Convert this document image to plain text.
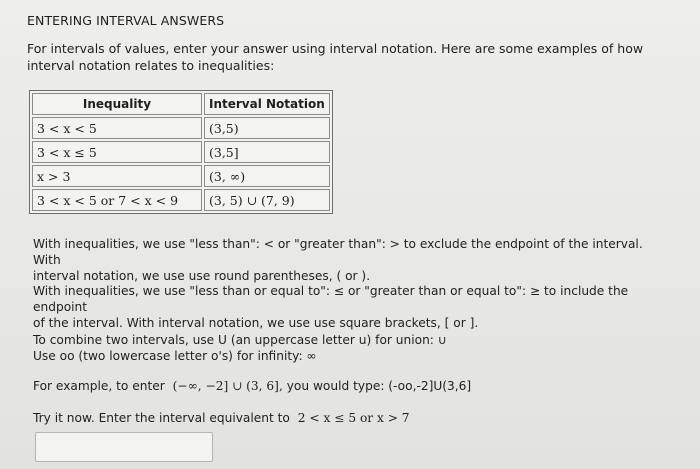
ENTERING INTERVAL ANSWERS
For intervals of values, enter your answer using interval notation. Here are some examples of how interval notation relates to inequalities:
Inequality	Interval Notation
3 < x < 5	(3,5)
3 < x ≤ 5	(3,5]
x > 3	(3, ∞)
3 < x < 5 or 7 < x < 9	(3, 5) ∪ (7, 9)
With inequalities, we use "less than": < or "greater than": > to exclude the endpoint of the interval. With
interval notation, we use use round parentheses, ( or ).
With inequalities, we use "less than or equal to": ≤ or "greater than or equal to": ≥ to include the endpoint
of the interval. With interval notation, we use use square brackets, [ or ].
To combine two intervals, use U (an uppercase letter u) for union: ∪
Use oo (two lowercase letter o's) for infinity: ∞
For example, to enter (−∞, −2] ∪ (3, 6], you would type: (-oo,-2]U(3,6]
Try it now. Enter the interval equivalent to 2 < x ≤ 5 or x > 7
